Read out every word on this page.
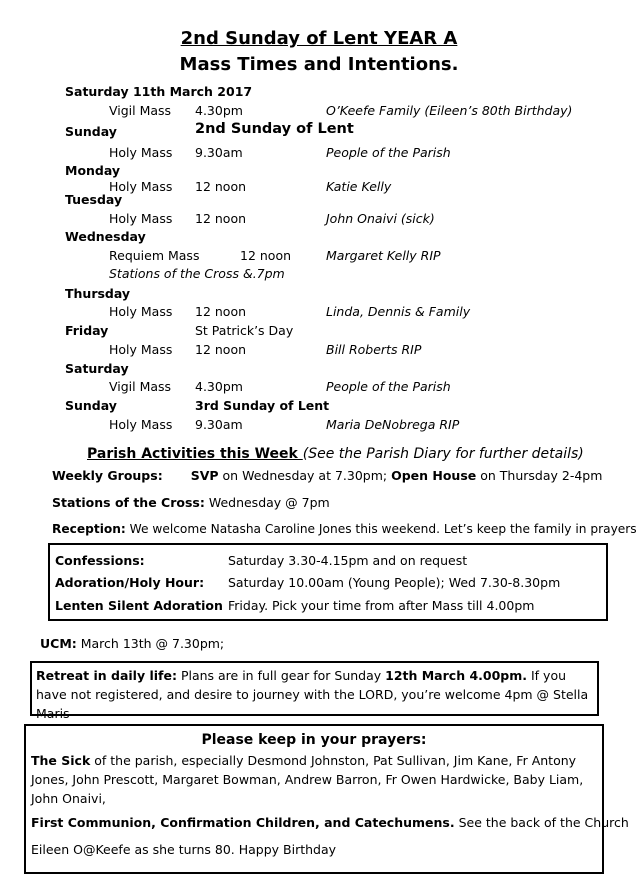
2nd Sunday of Lent YEAR A
Mass Times and Intentions.
Saturday 11th March 2017
Vigil Mass 4.30pm	O’Keefe Family (Eileen’s 80th Birthday)
Sunday	2nd Sunday of Lent
Holy Mass 9.30am	People of the Parish
Monday
Holy Mass 12 noon	Katie Kelly
Tuesday
Holy Mass 12 noon	John Onaivi (sick)
Wednesday
Requiem Mass	12 noon	Margaret Kelly RIP
Stations of the Cross &.7pm
Thursday
Holy Mass 12 noon	Linda, Dennis & Family
Friday	St Patrick’s Day
Holy Mass 12 noon	Bill Roberts RIP
Saturday
Vigil Mass 4.30pm	People of the Parish
Sunday	3rd Sunday of Lent
Holy Mass 9.30am	Maria DeNobrega RIP
Parish Activities this Week (See the Parish Diary for further details)
Weekly Groups: SVP on Wednesday at 7.30pm; Open House on Thursday 2-4pm
Stations of the Cross: Wednesday @ 7pm
Reception: We welcome Natasha Caroline Jones this weekend. Let’s keep the family in prayers
Confessions:	Saturday 3.30-4.15pm and on request
Adoration/Holy Hour: Saturday 10.00am (Young People); Wed 7.30-8.30pm
Lenten Silent Adoration Friday. Pick your time from after Mass till 4.00pm
UCM: March 13th @ 7.30pm;
Retreat in daily life: Plans are in full gear for Sunday 12th March 4.00pm. If you have not registered, and desire to journey with the LORD, you’re welcome 4pm @ Stella Maris
Please keep in your prayers:
The Sick of the parish, especially Desmond Johnston, Pat Sullivan, Jim Kane, Fr Antony Jones, John Prescott, Margaret Bowman, Andrew Barron, Fr Owen Hardwicke, Baby Liam, John Onaivi,
First Communion, Confirmation Children, and Catechumens. See the back of the Church
Eileen O@Keefe as she turns 80. Happy Birthday
